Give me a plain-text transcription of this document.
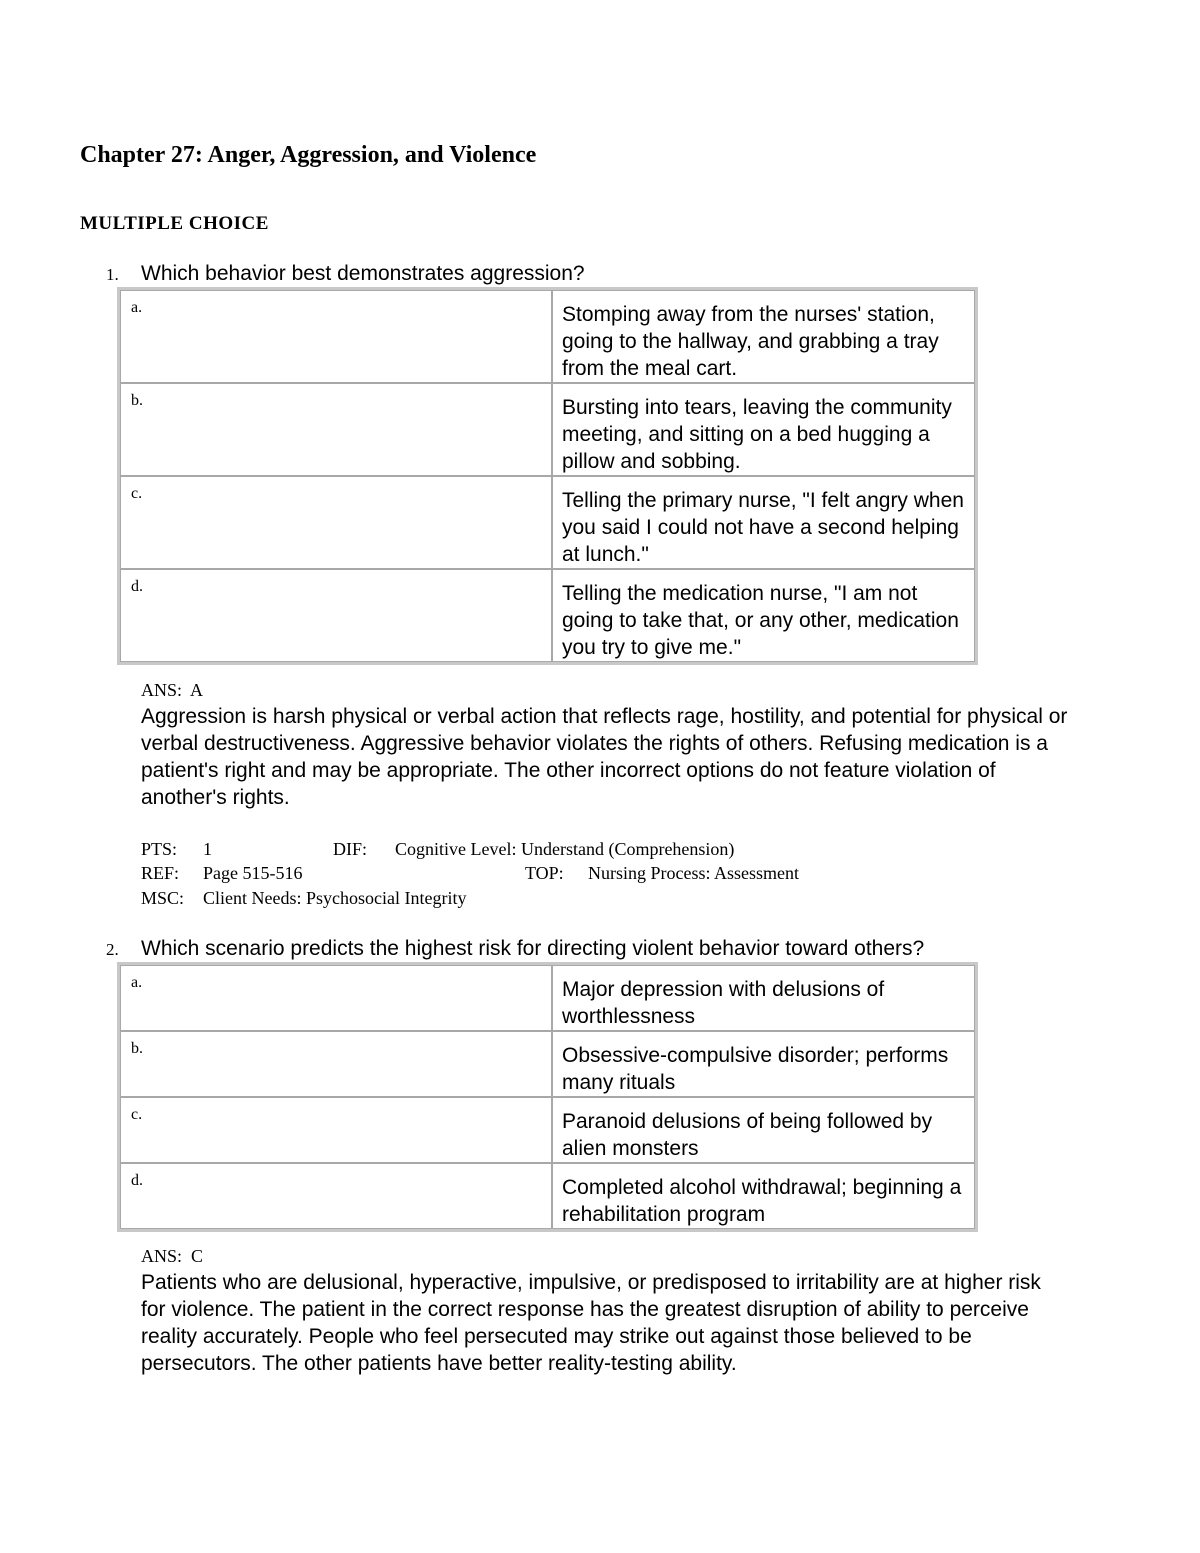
Chapter 27: Anger, Aggression, and Violence
MULTIPLE CHOICE
1. Which behavior best demonstrates aggression?
a.	Stomping away from the nurses' station, going to the hallway, and grabbing a tray from the meal cart.
b.	Bursting into tears, leaving the community meeting, and sitting on a bed hugging a pillow and sobbing.
c.	Telling the primary nurse, "I felt angry when you said I could not have a second helping at lunch."
d.	Telling the medication nurse, "I am not going to take that, or any other, medication you try to give me."
ANS: A

Aggression is harsh physical or verbal action that reflects rage, hostility, and potential for physical or verbal destructiveness. Aggressive behavior violates the rights of others. Refusing medication is a patient's right and may be appropriate. The other incorrect options do not feature violation of another's rights.

PTS: 1	DIF: Cognitive Level: Understand (Comprehension)
REF: Page 515-516	TOP: Nursing Process: Assessment
MSC: Client Needs: Psychosocial Integrity
2. Which scenario predicts the highest risk for directing violent behavior toward others?
a.	Major depression with delusions of worthlessness
b.	Obsessive-compulsive disorder; performs many rituals
c.	Paranoid delusions of being followed by alien monsters
d.	Completed alcohol withdrawal; beginning a rehabilitation program
ANS: C

Patients who are delusional, hyperactive, impulsive, or predisposed to irritability are at higher risk for violence. The patient in the correct response has the greatest disruption of ability to perceive reality accurately. People who feel persecuted may strike out against those believed to be persecutors. The other patients have better reality-testing ability.
